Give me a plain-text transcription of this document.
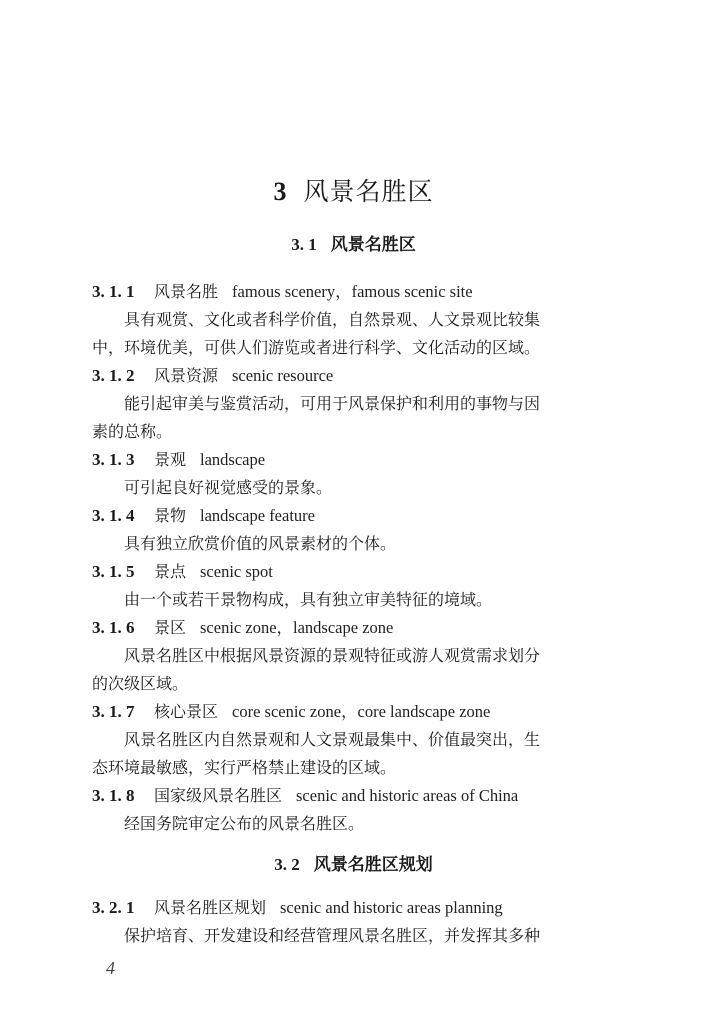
3 风景名胜区
3. 1 风景名胜区
3. 1. 1 风景名胜 famous scenery，famous scenic site
具有观赏、文化或者科学价值，自然景观、人文景观比较集
中，环境优美，可供人们游览或者进行科学、文化活动的区域。
3. 1. 2 风景资源 scenic resource
能引起审美与鉴赏活动，可用于风景保护和利用的事物与因
素的总称。
3. 1. 3 景观 landscape
可引起良好视觉感受的景象。
3. 1. 4 景物 landscape feature
具有独立欣赏价值的风景素材的个体。
3. 1. 5 景点 scenic spot
由一个或若干景物构成，具有独立审美特征的境域。
3. 1. 6 景区 scenic zone，landscape zone
风景名胜区中根据风景资源的景观特征或游人观赏需求划分
的次级区域。
3. 1. 7 核心景区 core scenic zone，core landscape zone
风景名胜区内自然景观和人文景观最集中、价值最突出，生
态环境最敏感，实行严格禁止建设的区域。
3. 1. 8 国家级风景名胜区 scenic and historic areas of China
经国务院审定公布的风景名胜区。
3. 2 风景名胜区规划
3. 2. 1 风景名胜区规划 scenic and historic areas planning
保护培育、开发建设和经营管理风景名胜区，并发挥其多种
4
